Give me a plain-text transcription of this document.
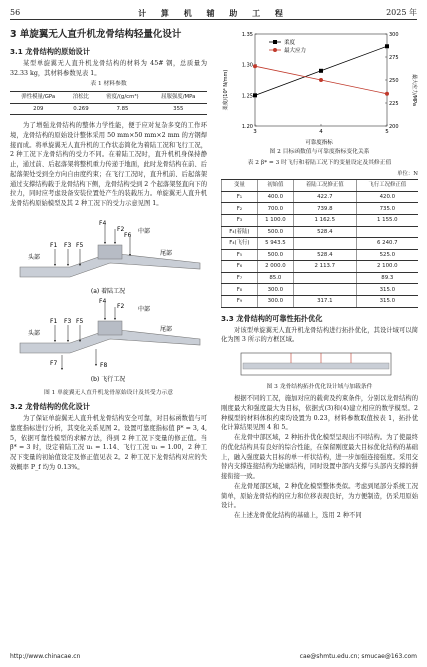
56	计 算 机 辅 助 工 程	2025 年
3 单旋翼无人直升机龙骨结构轻量化设计
3.1 龙骨结构的原始设计

某型单旋翼无人直升机龙骨结构的材料为 45# 钢，总质量为 32.33 kg，其材料参数见表 1。

表 1 材料参数
弹性模量/GPa	泊松比	密度/(g/cm³)	屈服强度/MPa
209	0.269	7.85	355

为了增强龙骨结构的整体力学性能，便于应对复杂多变的工作环境，龙骨结构的原始设计整体采用 50 mm×50 mm×2 mm 的方钢焊接而成。将单旋翼无人直升机的工作状态简化为着陆工况和飞行工况，2 种工况下龙骨结构的受力不同。在着陆工况时，直升机机身保持静止，通过前、后起落架将整机重力传递于地面，此时龙骨结构在前、后起落架处受到全方向自由度约束；在飞行工况时，直升机前、后起落架通过支撑结构载于龙骨结构下侧，龙骨结构受到 2 个起落架竖直向下的拉力，同时应考虑设备安装位置处产生的装载压力。单旋翼无人直升机龙骨结构原始模型及其 2 种工况下的受力示意见图 1。

F4
F2 中部
F1 F3 F5
头部
尾部
F6
(a) 着陆工况
F4
F2 中部
F1 F3 F5
头部
尾部
F7	F8
(b) 飞行工况
图 1 单旋翼无人直升机龙骨原始设计及其受力示意
3.2 龙骨结构的优化设计

为了保证单旋翼无人直升机龙骨结构安全可靠，对目标函数值与可靠度指标进行分析，其变化关系见图 2。设置可靠度指标值 β* = 3, 4, 5，依据可靠性模型的求解方法，得到 2 种工况下变量的修正值。当 β* = 3 时，设定着陆工况 u₁ = 1.14、飞行工况 u₁ = 1.00，2 种工况下变量的初始值设定及修正值见表 2。2 种工况下龙骨结构对应的失效概率 P_f 均为 0.13%。

3	4	5
1.20
1.25
1.30
1.35
200
225
250
275
300
柔度/(10⁴ N/mm)	最大应力/MPa
可靠度指标
柔度
最大应力
图 2 目标函数值与可靠度指标变化关系
表 2 β* = 3 时飞行和着陆工况下的变量设定及其修正值
单位：N
变量	初始值	着陆工况修正值	飞行工况修正值
F₁	400.0	422.7	420.0
F₂	700.0	739.8	735.0
F₃	1 100.0	1 162.5	1 155.0
F₄(着陆)	500.0	528.4	
F₄(飞行)	5 943.5		6 240.7
F₅	500.0	528.4	525.0
F₆	2 000.0	2 113.7	2 100.0
F₇	85.0		89.3
F₈	300.0		315.0
F₉	300.0	317.1	315.0
3.3 龙骨结构的可靠性拓扑优化

对该型单旋翼无人直升机龙骨结构进行拓扑优化，其设计域可以简化为图 3 所示的方框区域。

图 3 龙骨结构拓扑优化设计域与加载条件

根据不同的工况，施加对应的载荷及约束条件，分别以龙骨结构的刚度最大和强度最大为目标，依据式(3)和(4)建立相应的数学模型。2 种模型的材料体积约束均设置为 0.23，材料参数取值按表 1，拓扑优化计算结果见图 4 和 5。

在龙骨中部区域，2 种拓扑优化模型呈现出不同结构。为了使最终的优化结构具有良好的综合性能，在保留刚度最大目标优化结构的基础上，融入强度最大目标的单一杆状结构，进一步加强连接强度。采用交替内支撑连接结构为轮廓结构，同时设置中部内支撑与头部内支撑的拼接衔接一致。

在龙骨尾部区域，2 种优化模型整体类似。考虑到尾部分系统工况简单，原始龙骨结构的应力和位移表现良好，为方便制造，仍采用原始设计。

在上述龙骨优化结构的基础上，选用 2 种不同

http://www.chinacae.cn	cae@shmtu.edu.cn; smucae@163.com
